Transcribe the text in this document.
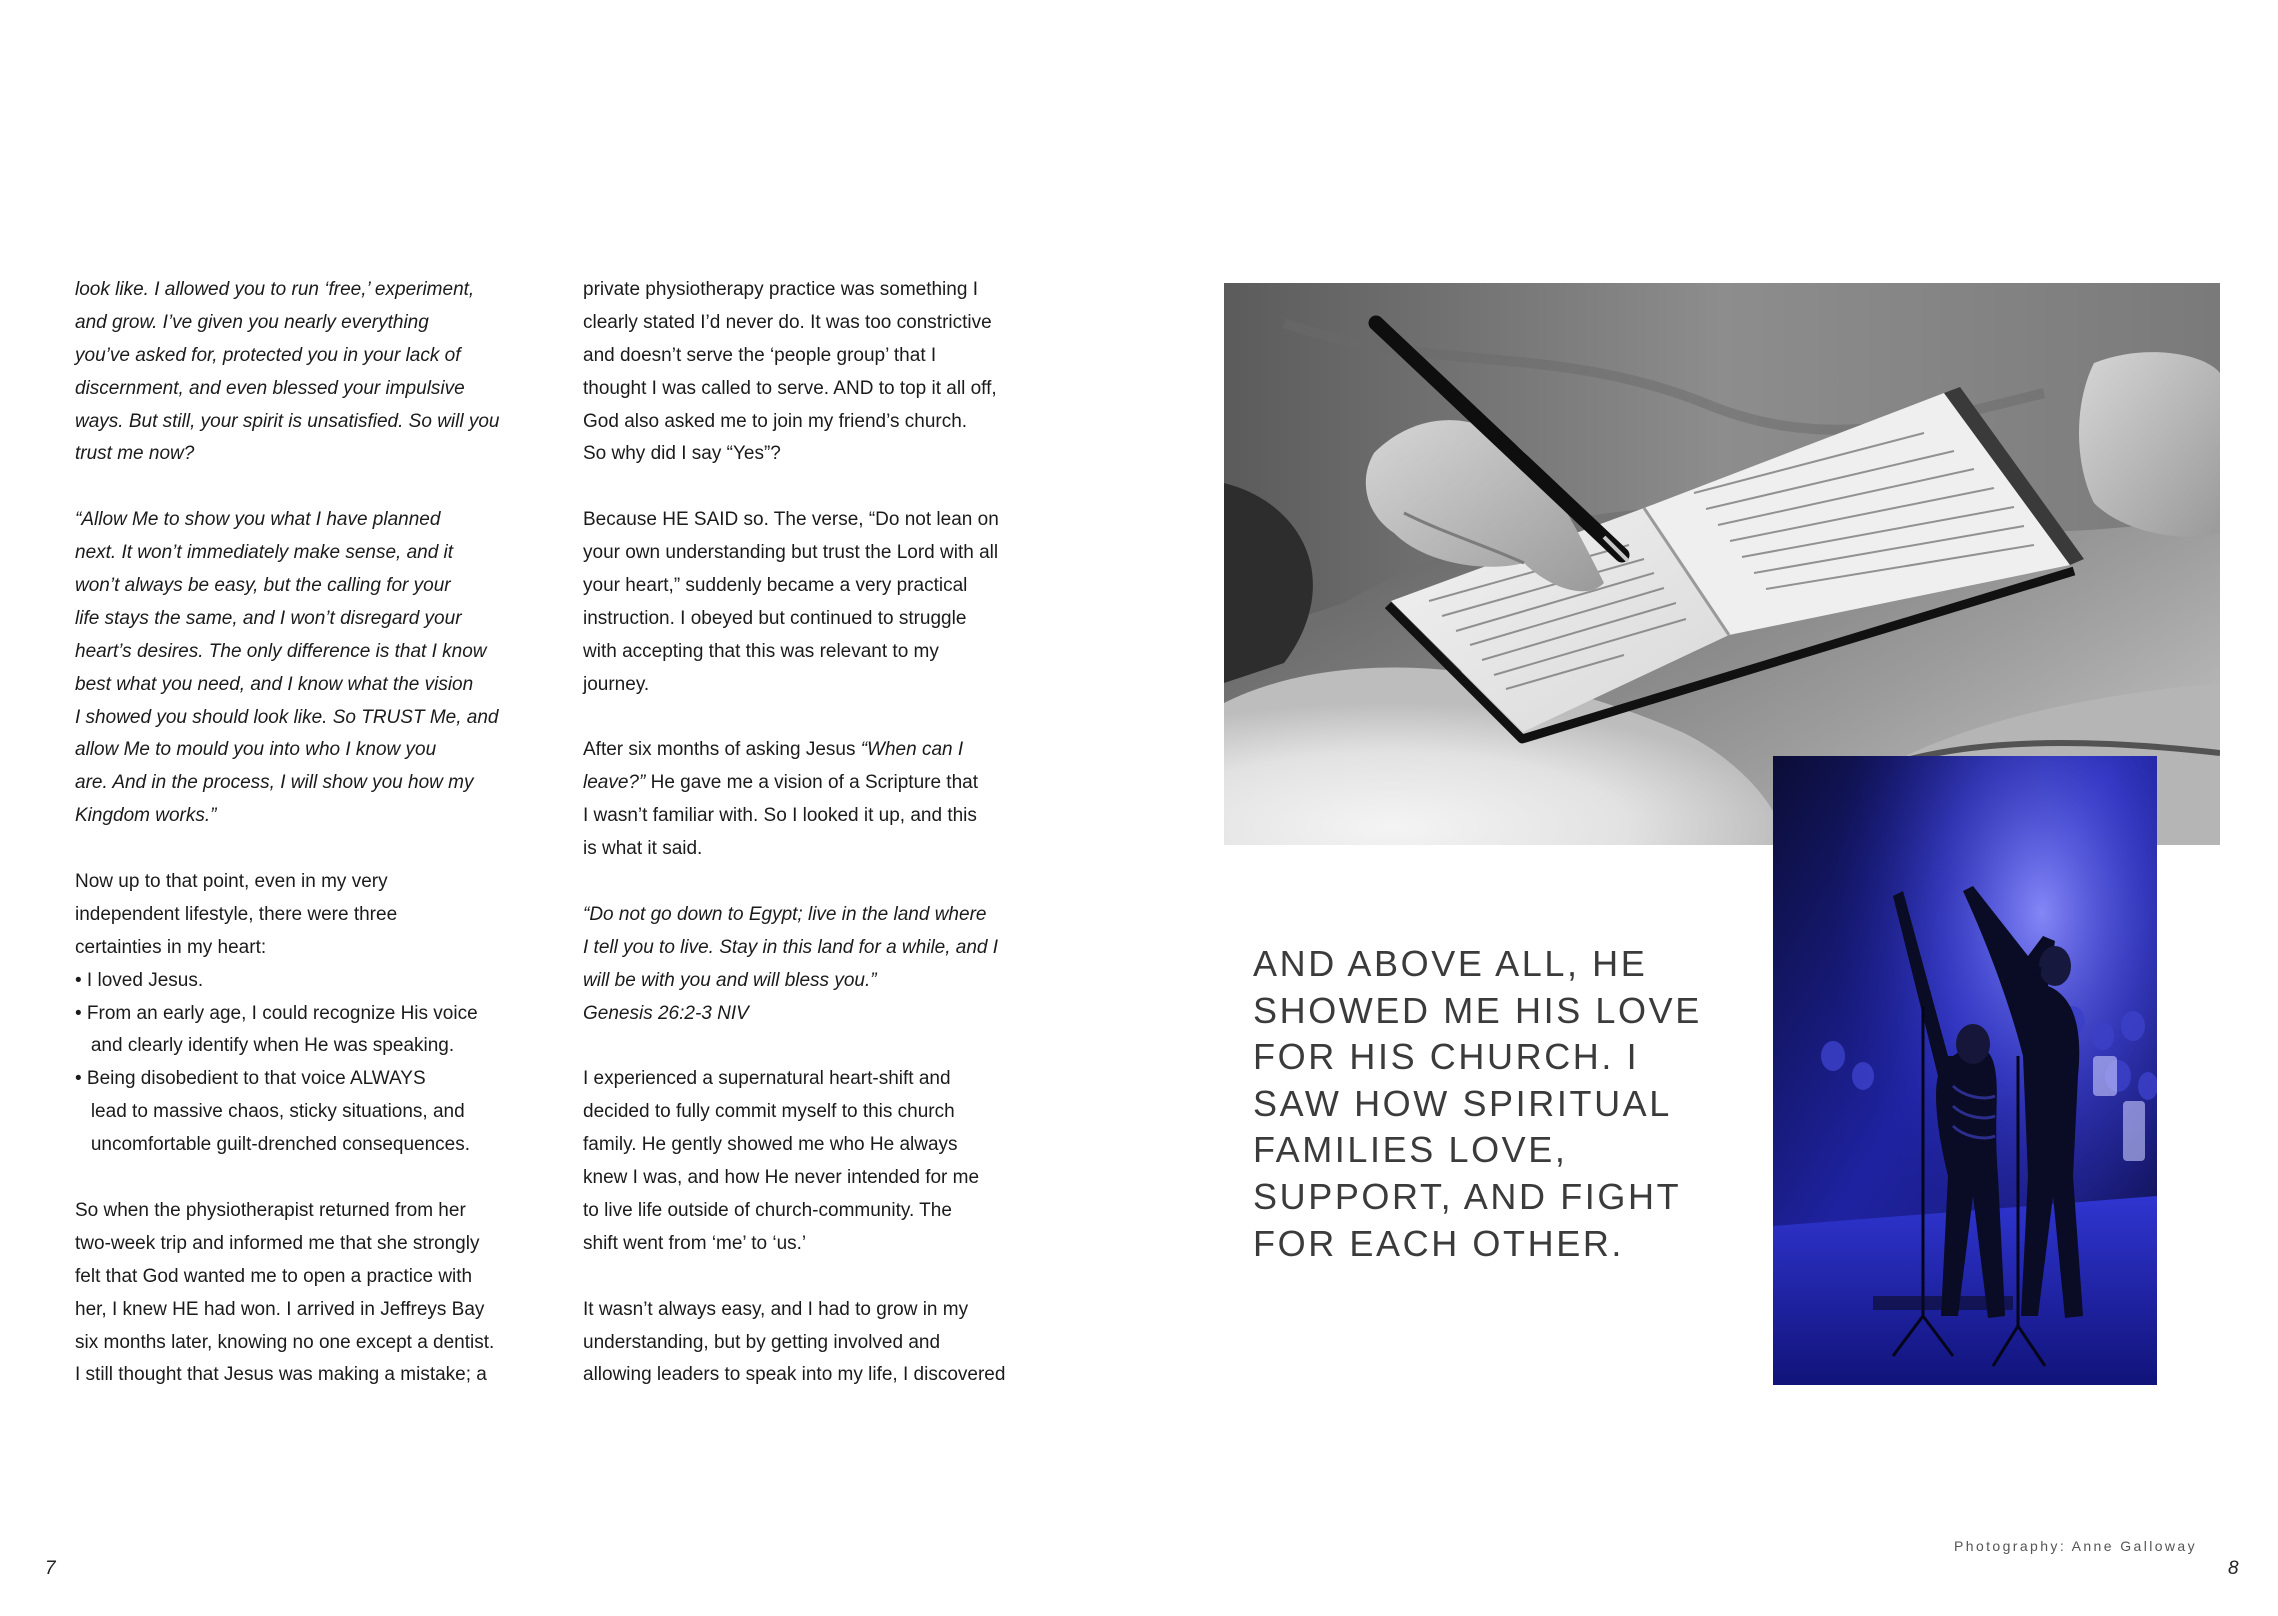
look like. I allowed you to run ‘free,’ experiment,
and grow. I’ve given you nearly everything
you’ve asked for, protected you in your lack of
discernment, and even blessed your impulsive
ways. But still, your spirit is unsatisfied. So will you
trust me now?
“Allow Me to show you what I have planned
next. It won’t immediately make sense, and it
won’t always be easy, but the calling for your
life stays the same, and I won’t disregard your
heart’s desires. The only difference is that I know
best what you need, and I know what the vision
I showed you should look like. So TRUST Me, and
allow Me to mould you into who I know you
are. And in the process, I will show you how my
Kingdom works.”
Now up to that point, even in my very
independent lifestyle, there were three
certainties in my heart:
• I loved Jesus.
• From an early age, I could recognize His voice
and clearly identify when He was speaking.
• Being disobedient to that voice ALWAYS
lead to massive chaos, sticky situations, and
uncomfortable guilt-drenched consequences.
So when the physiotherapist returned from her
two-week trip and informed me that she strongly
felt that God wanted me to open a practice with
her, I knew HE had won. I arrived in Jeffreys Bay
six months later, knowing no one except a dentist.
I still thought that Jesus was making a mistake; a
private physiotherapy practice was something I
clearly stated I’d never do. It was too constrictive
and doesn’t serve the ‘people group’ that I
thought I was called to serve. AND to top it all off,
God also asked me to join my friend’s church.
So why did I say “Yes”?
Because HE SAID so. The verse, “Do not lean on
your own understanding but trust the Lord with all
your heart,” suddenly became a very practical
instruction. I obeyed but continued to struggle
with accepting that this was relevant to my
journey.
After six months of asking Jesus “When can I
leave?” He gave me a vision of a Scripture that
I wasn’t familiar with. So I looked it up, and this
is what it said.
“Do not go down to Egypt; live in the land where
I tell you to live. Stay in this land for a while, and I
will be with you and will bless you.”
Genesis 26:2-3 NIV
I experienced a supernatural heart-shift and
decided to fully commit myself to this church
family. He gently showed me who He always
knew I was, and how He never intended for me
to live life outside of church-community. The
shift went from ‘me’ to ‘us.’
It wasn’t always easy, and I had to grow in my
understanding, but by getting involved and
allowing leaders to speak into my life, I discovered
AND ABOVE ALL, HE
SHOWED ME HIS LOVE
FOR HIS CHURCH. I
SAW HOW SPIRITUAL
FAMILIES LOVE,
SUPPORT, AND FIGHT
FOR EACH OTHER.
Photography: Anne Galloway
7	8
